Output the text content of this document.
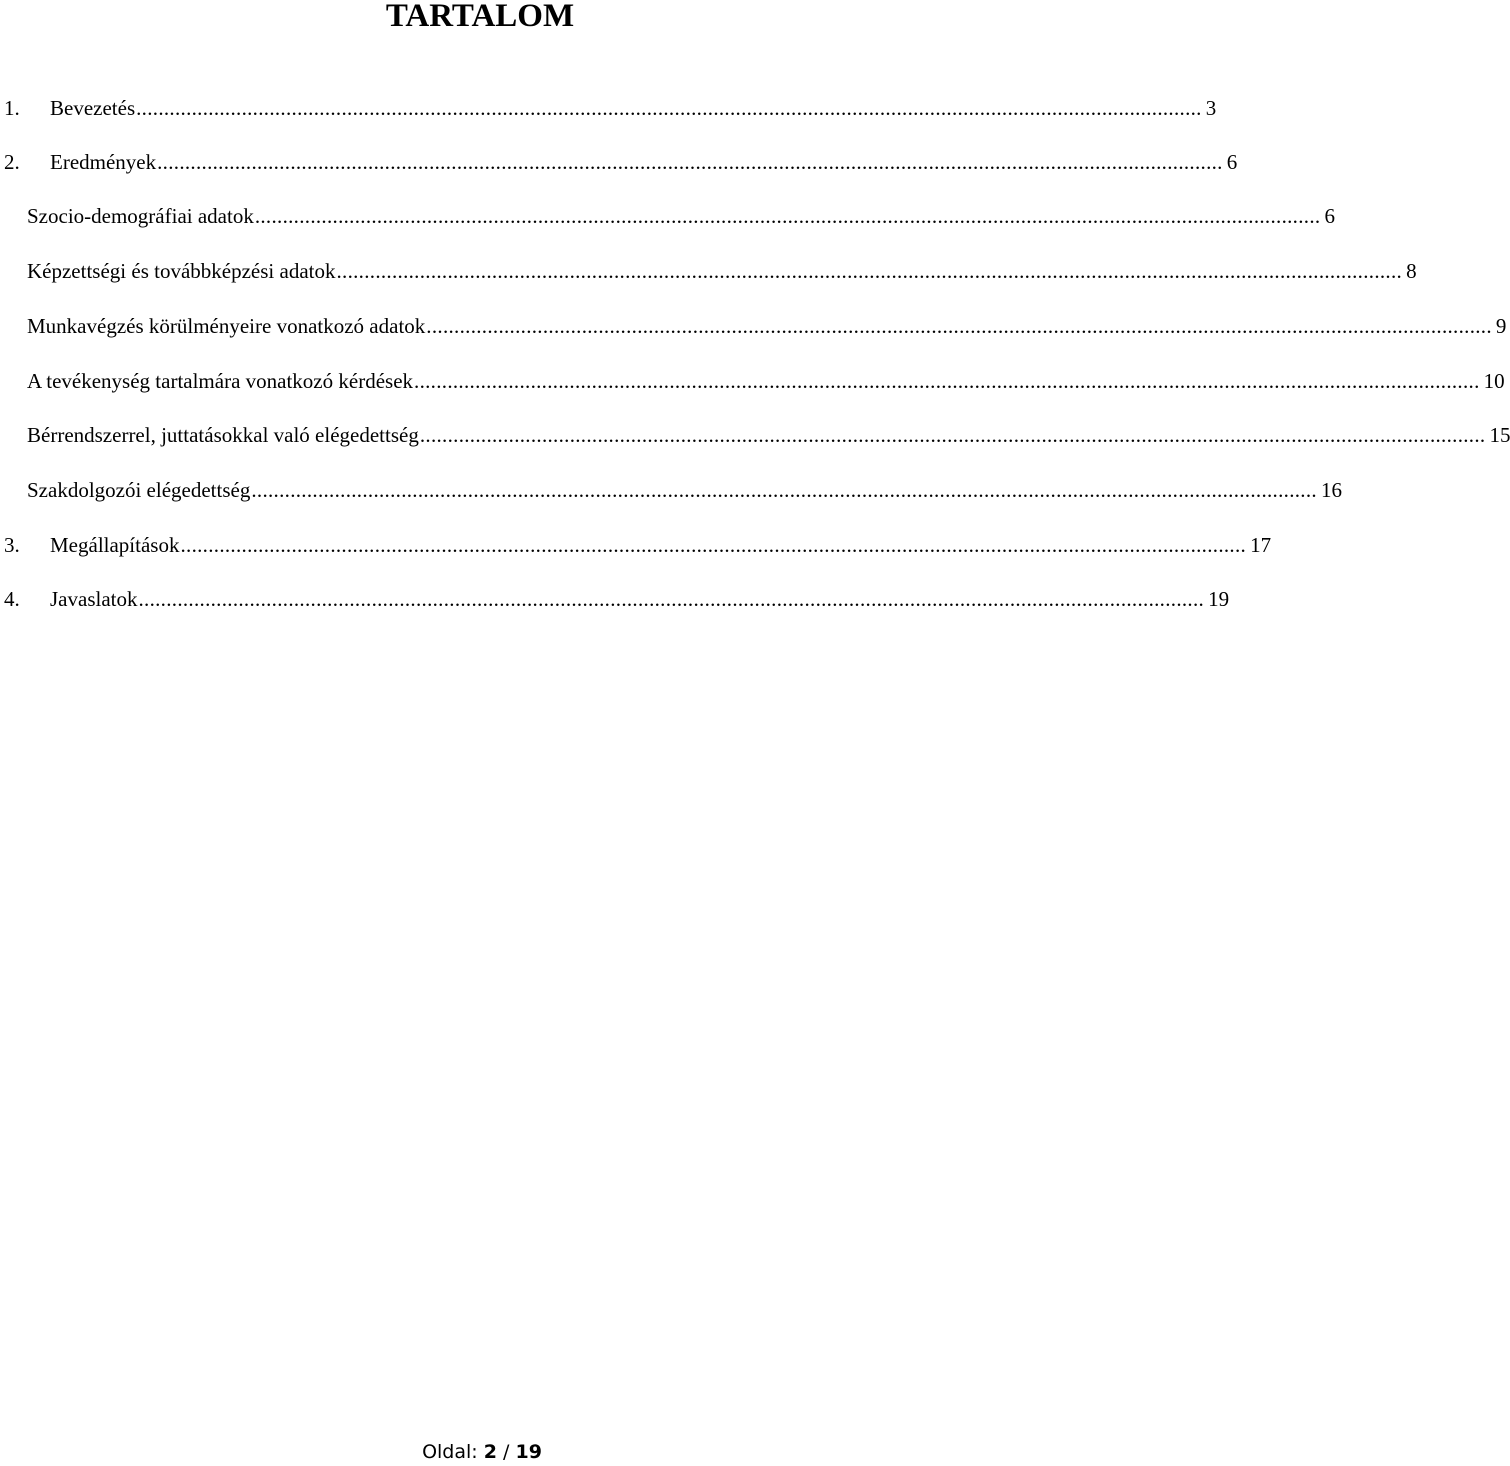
TARTALOM
1.	Bevezetés ................................................................................................................................................................................................ 3
2.	Eredmények ................................................................................................................................................................................................ 6
Szocio-demográfiai adatok ................................................................................................................................................................................................ 6
Képzettségi és továbbképzési adatok ................................................................................................................................................................................................ 8
Munkavégzés körülményeire vonatkozó adatok ................................................................................................................................................................................................ 9
A tevékenység tartalmára vonatkozó kérdések ................................................................................................................................................................................................ 10
Bérrendszerrel, juttatásokkal való elégedettség ................................................................................................................................................................................................ 15
Szakdolgozói elégedettség ................................................................................................................................................................................................ 16
3.	Megállapítások ................................................................................................................................................................................................ 17
4.	Javaslatok ................................................................................................................................................................................................ 19
Oldal: 2 / 19
